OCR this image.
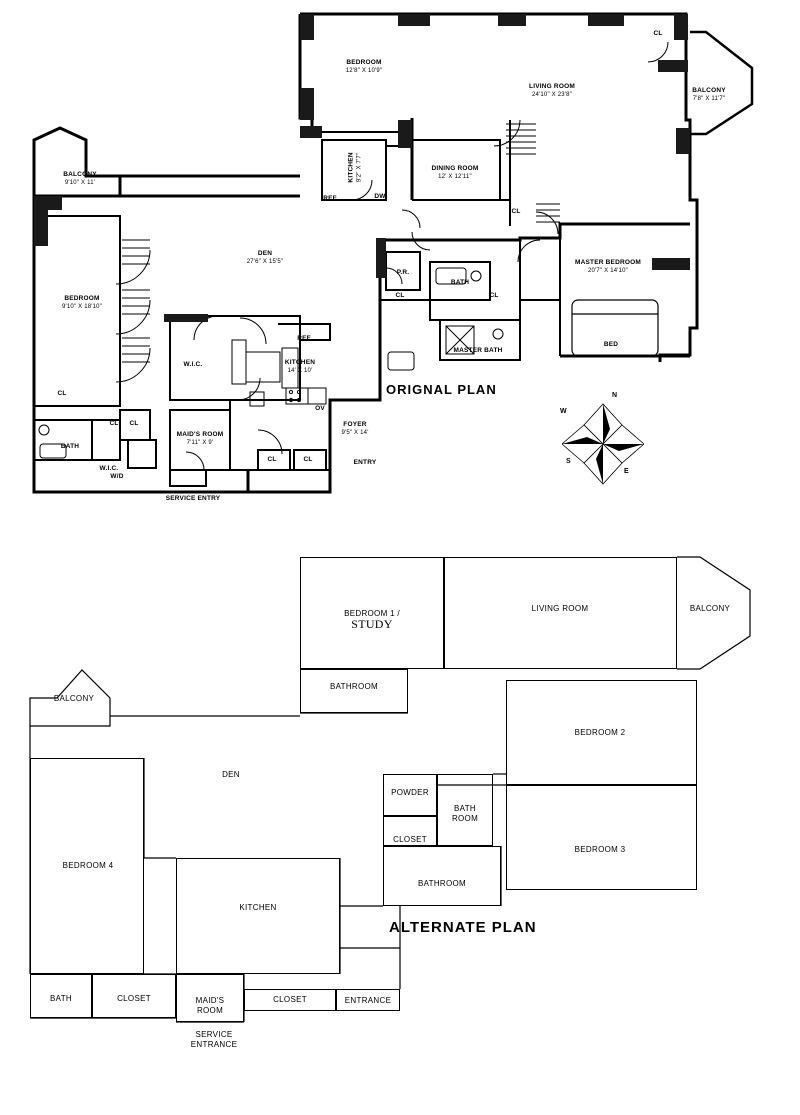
BEDROOM
12'8" X 10'9"

LIVING ROOM
24'10" X 23'8"

BALCONY
7'8" X 11'7"

BALCONY
9'10" X 11'

KITCHEN
9'2" X 7'7"	DINING ROOM
12' X 12'11"

DEN
27'6" X 15'5"

BEDROOM
9'10" X 18'10"

MASTER BEDROOM
20'7" X 14'10"

KITCHEN
14' X 10'

MAID'S ROOM
7'11" X 9'

FOYER
9'5" X 14'

MASTER BATH

BATH

BATH

P.R.

W.I.C.

W.I.C.

ENTRY

SERVICE ENTRY

BED

REF

REF

DW

OV

W/D

CL
CL
CL	CL
CL
CL	CL
CL	CL
ORIGNAL PLAN	N
W
E
S

BEDROOM 1 /
STUDY

LIVING ROOM	BALCONY
BATHROOM
BALCONY
BEDROOM 2
DEN
BEDROOM 3
POWDER
BATH
ROOM
CLOSET
BATHROOM
BEDROOM 4
KITCHEN
BATH	CLOSET	MAID'S
ROOM
CLOSET	ENTRANCE
SERVICE
ENTRANCE
ALTERNATE PLAN
